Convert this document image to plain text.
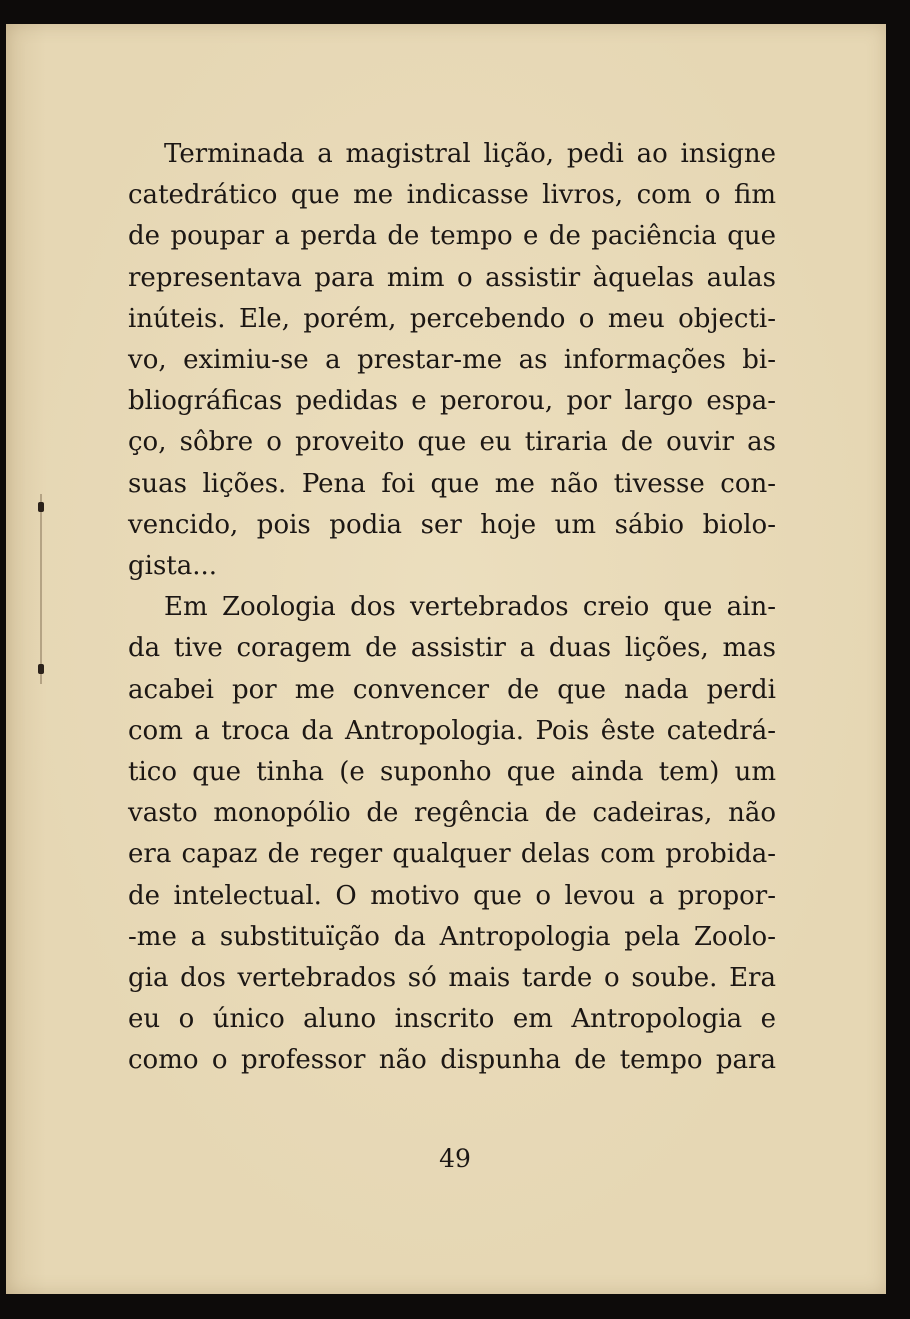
Terminada a magistral lição, pedi ao insigne
catedrático que me indicasse livros, com o fim
de poupar a perda de tempo e de paciência que
representava para mim o assistir àquelas aulas
inúteis. Ele, porém, percebendo o meu objecti-
vo, eximiu-se a prestar-me as informações bi-
bliográficas pedidas e perorou, por largo espa-
ço, sôbre o proveito que eu tiraria de ouvir as
suas lições. Pena foi que me não tivesse con-
vencido, pois podia ser hoje um sábio biolo-
gista...

Em Zoologia dos vertebrados creio que ain-
da tive coragem de assistir a duas lições, mas
acabei por me convencer de que nada perdi
com a troca da Antropologia. Pois êste catedrá-
tico que tinha (e suponho que ainda tem) um
vasto monopólio de regência de cadeiras, não
era capaz de reger qualquer delas com probida-
de intelectual. O motivo que o levou a propor-
-me a substituïção da Antropologia pela Zoolo-
gia dos vertebrados só mais tarde o soube. Era
eu o único aluno inscrito em Antropologia e
como o professor não dispunha de tempo para

49
